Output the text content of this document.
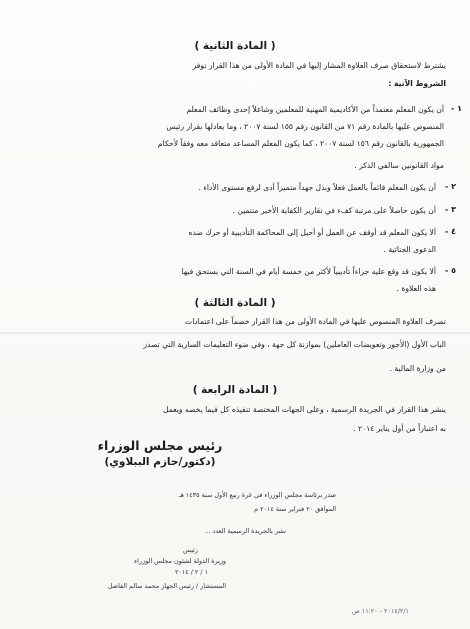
( المادة الثانية )
يشترط لاستحقاق صرف العلاوة المشار إليها في المادة الأولى من هذا القرار توفر
الشروط الآتية :
١ -
أن يكون المعلم معتمداً من الأكاديمية المهنية للمعلمين وشاغلاً إحدى وظائف المعلم
المنصوص عليها بالمادة رقم ٧١ من القانون رقم ١٥٥ لسنة ٢٠٠٧ ، وما يعادلها بقرار رئيس
الجمهورية بالقانون رقم ١٥٦ لسنة ٢٠٠٧ ، كما يكون المعلم المساعد متعاقد معه وفقاً لأحكام
مواد القانونين سالفي الذكر .
٢ -
أن يكون المعلم قائماً بالعمل فعلاً وبذل جهداً متميزاً أدى لرفع مستوى الأداء .
٣ -
أن يكون حاصلاً على مرتبة كفء في تقارير الكفاية الأخير منتمين .
٤ -
ألا يكون المعلم قد أوقف عن العمل أو أحيل إلى المحاكمة التأديبية أو حرك ضده
الدعوى الجنائية .
٥ -
ألا يكون قد وقع عليه جزاءاً تأديبياً لأكثر من خمسة أيام في السنة التي يستحق فيها
هذه العلاوة .
( المادة الثالثة )
تصرف العلاوة المنصوص عليها في المادة الأولى من هذا القرار خصماً على اعتمادات
الباب الأول (الأجور وتعويضات العاملين) بموازنة كل جهة ، وفي ضوء التعليمات السارية التي تصدر
من وزارة المالية .
( المادة الرابعة )
ينشر هذا القرار في الجريدة الرسمية ، وعلى الجهات المختصة تنفيذه كل فيما يخصه ويعمل
به اعتباراً من أول يناير ٢٠١٤ .
رئيس مجلس الوزراء
(دكتور/حازم الببلاوي)
صدر برئاسة مجلس الوزراء في غرة ربيع الأول سنة ١٤٣٥ هـ
الموافق ٢٠ فبراير سنة ٢٠١٤ م
نشر بالجريدة الرسمية العدد ...
رئيس
وزيرة الدولة لشئون مجلس الوزراء
١ / ٢ / ٢٠١٤
المستشار / رئيس الجهاز محمد سالم الفاضل
٢٠١٤/٢/١ - ١١:٢٠ ص
